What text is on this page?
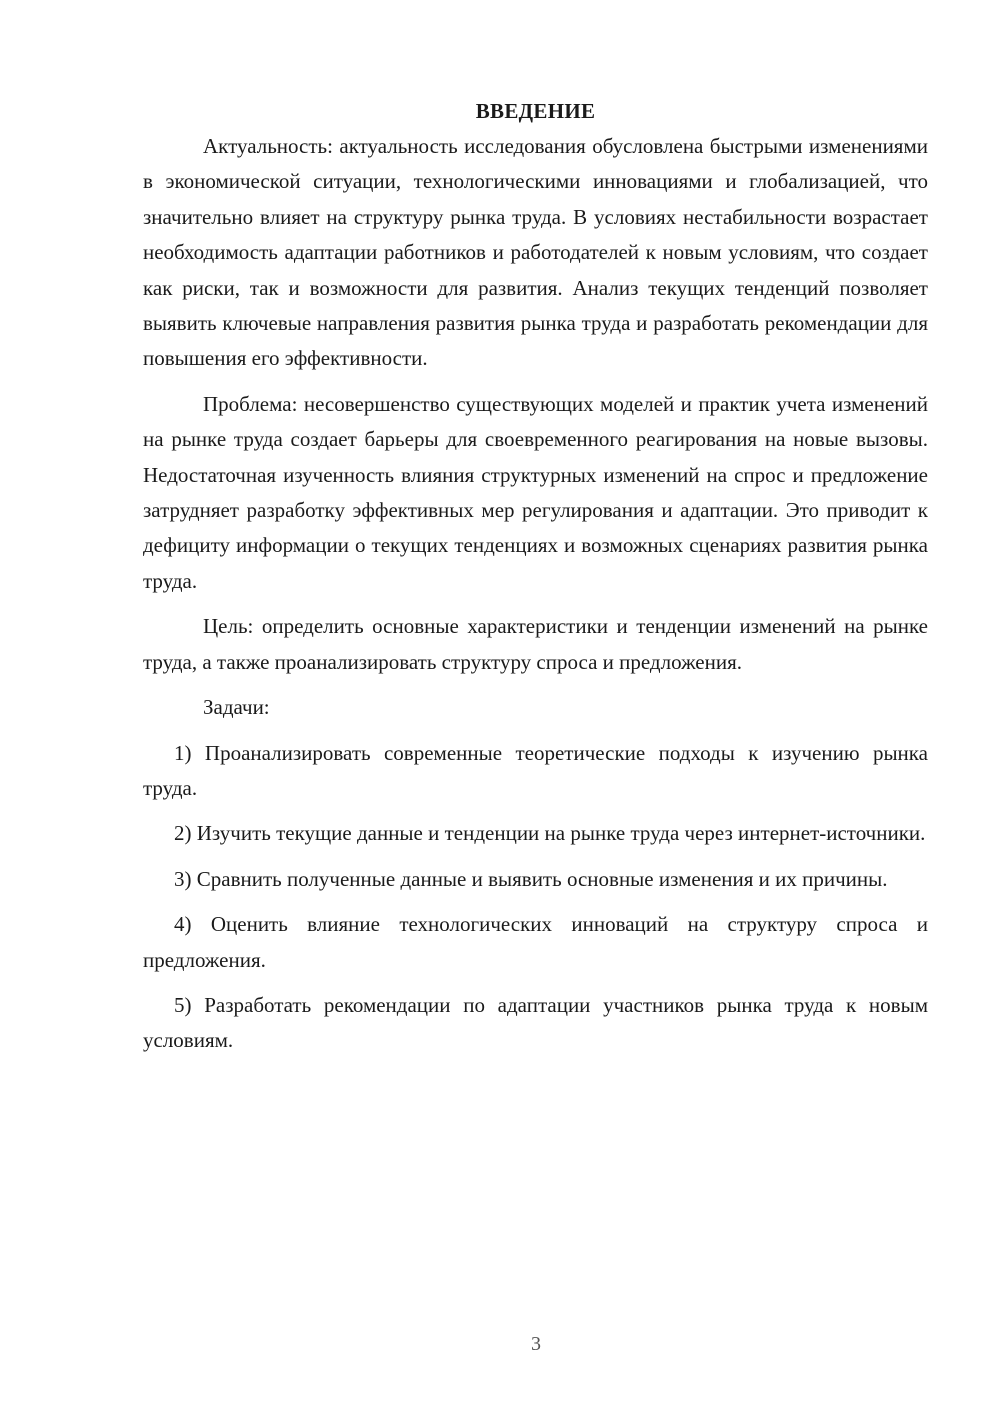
ВВЕДЕНИЕ

Актуальность: актуальность исследования обусловлена быстрыми изменениями в экономической ситуации, технологическими инновациями и глобализацией, что значительно влияет на структуру рынка труда. В условиях нестабильности возрастает необходимость адаптации работников и работодателей к новым условиям, что создает как риски, так и возможности для развития. Анализ текущих тенденций позволяет выявить ключевые направления развития рынка труда и разработать рекомендации для повышения его эффективности.

Проблема: несовершенство существующих моделей и практик учета изменений на рынке труда создает барьеры для своевременного реагирования на новые вызовы. Недостаточная изученность влияния структурных изменений на спрос и предложение затрудняет разработку эффективных мер регулирования и адаптации. Это приводит к дефициту информации о текущих тенденциях и возможных сценариях развития рынка труда.

Цель: определить основные характеристики и тенденции изменений на рынке труда, а также проанализировать структуру спроса и предложения.

Задачи:

1) Проанализировать современные теоретические подходы к изучению рынка труда.

2) Изучить текущие данные и тенденции на рынке труда через интернет-источники.

3) Сравнить полученные данные и выявить основные изменения и их причины.

4) Оценить влияние технологических инноваций на структуру спроса и предложения.

5) Разработать рекомендации по адаптации участников рынка труда к новым условиям.

3
